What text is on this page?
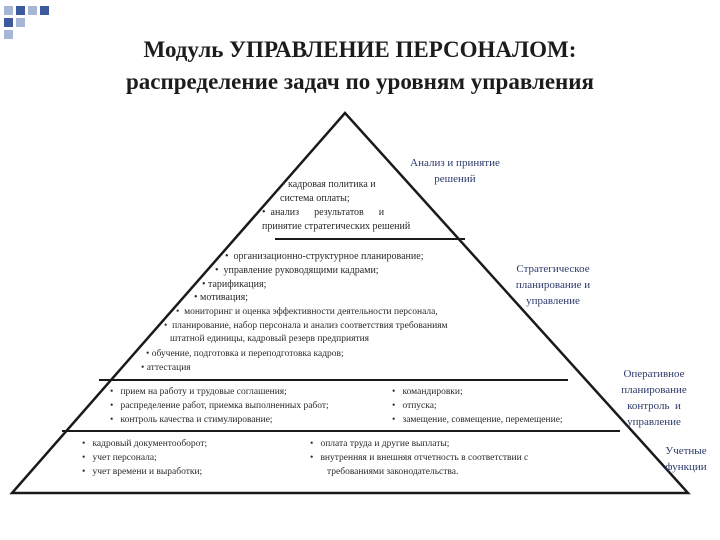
Модуль УПРАВЛЕНИЕ ПЕРСОНАЛОМ:
распределение задач по уровням управления
• кадровая политика и
система оплаты;
•  анализ      результатов      и
принятие стратегических решений
Анализ и принятие
решений
•  организационно-структурное планирование;
•  управление руководящими кадрами;
• тарификация;
• мотивация;
•  мониторинг и оценка эффективности деятельности персонала,
•  планирование, набор персонала и анализ соответствия требованиям
штатной единицы, кадровый резерв предприятия
• обучение, подготовка и переподготовка кадров;
• аттестация
Стратегическое
планирование и
управление
•   прием на работу и трудовые соглашения;
•   распределение работ, приемка выполненных работ;
•   контроль качества и стимулирование;
•   командировки;
•   отпуска;
•   замещение, совмещение, перемещение;
Оперативное
планирование
контроль  и
управление
•   кадровый документооборот;
•   учет персонала;
•   учет времени и выработки;
•   оплата труда и другие выплаты;
•   внутренняя и внешняя отчетность в соответствии с
требованиями законодательства.
Учетные
функции
